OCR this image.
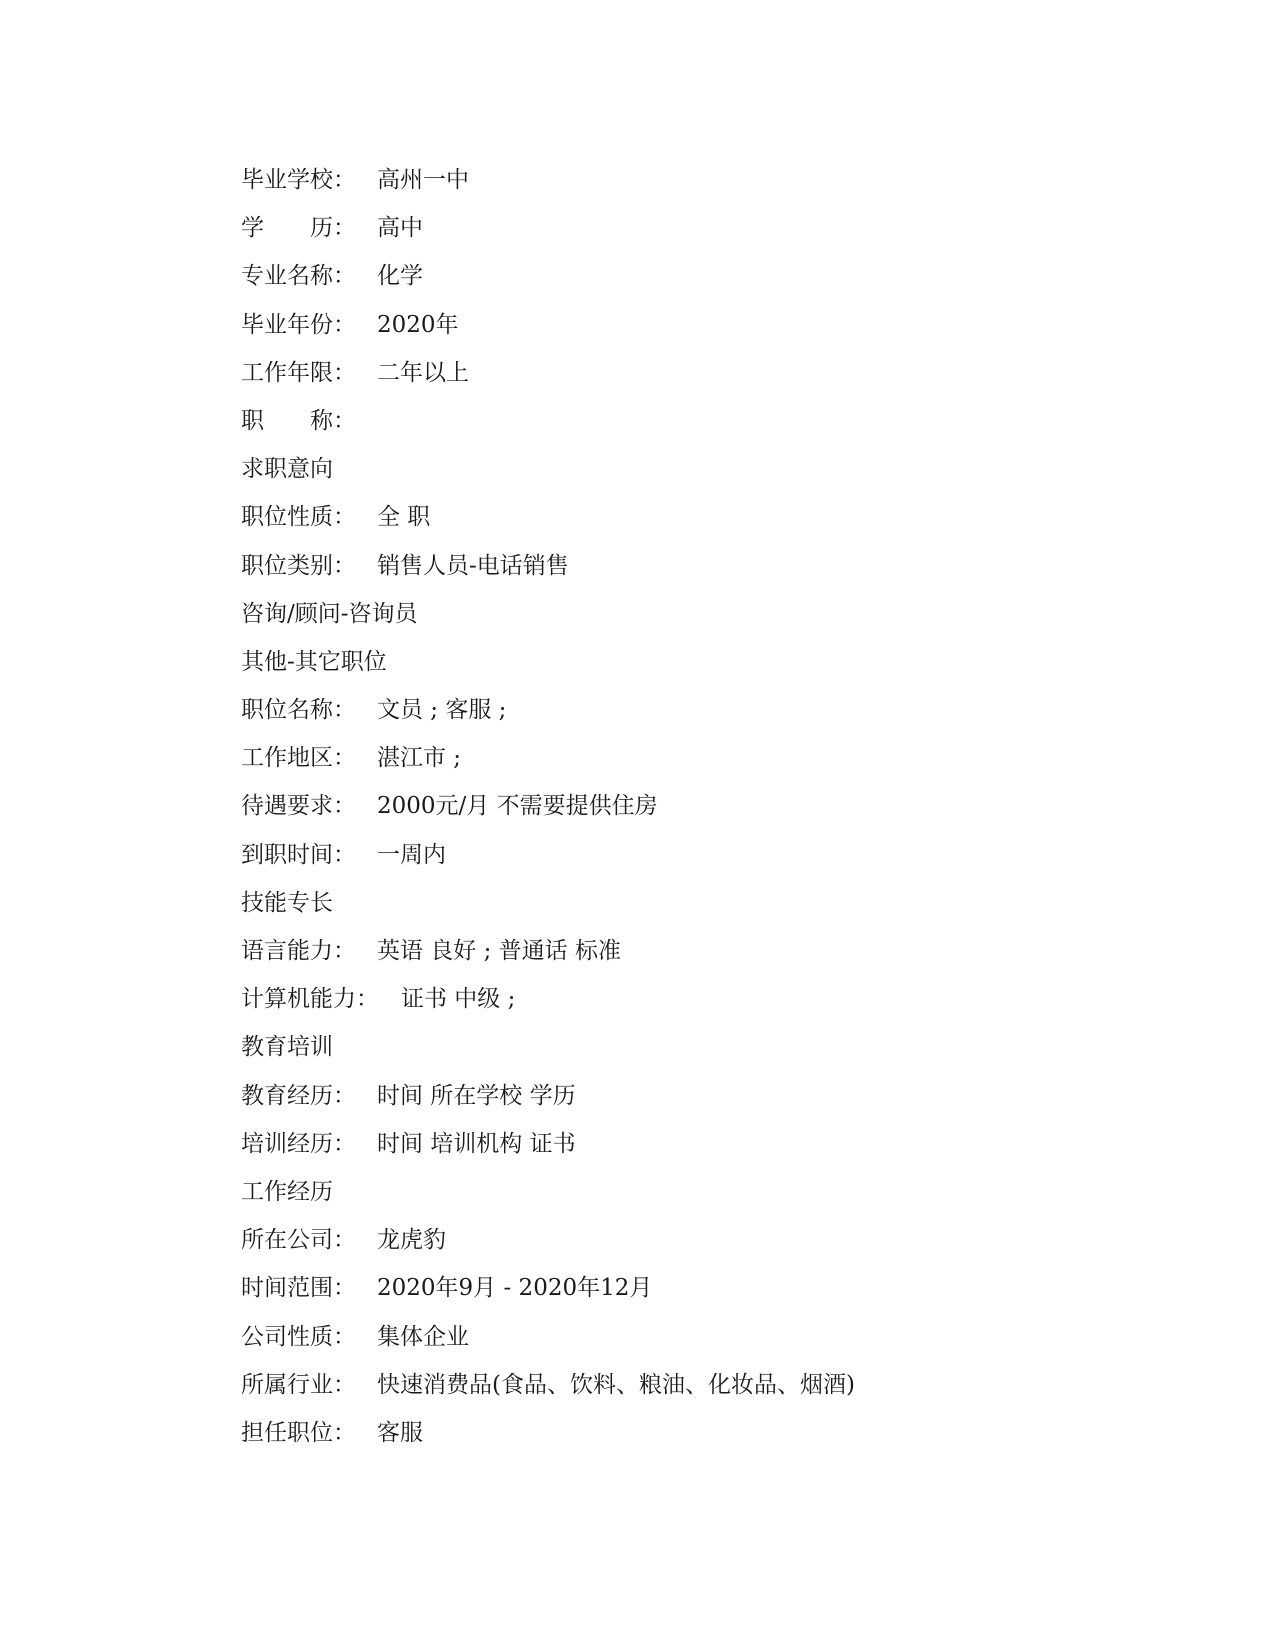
毕业学校： 高州一中
学　　历： 高中
专业名称： 化学
毕业年份： 2020年
工作年限： 二年以上
职　　称：
求职意向
职位性质： 全 职
职位类别： 销售人员-电话销售
咨询/顾问-咨询员
其他-其它职位
职位名称： 文员 ; 客服 ;
工作地区： 湛江市 ;
待遇要求： 2000元/月 不需要提供住房
到职时间： 一周内
技能专长
语言能力： 英语 良好 ; 普通话 标准
计算机能力： 证书 中级 ;
教育培训
教育经历： 时间 所在学校 学历
培训经历： 时间 培训机构 证书
工作经历
所在公司： 龙虎豹
时间范围： 2020年9月 - 2020年12月
公司性质： 集体企业
所属行业： 快速消费品(食品、饮料、粮油、化妆品、烟酒)
担任职位： 客服
